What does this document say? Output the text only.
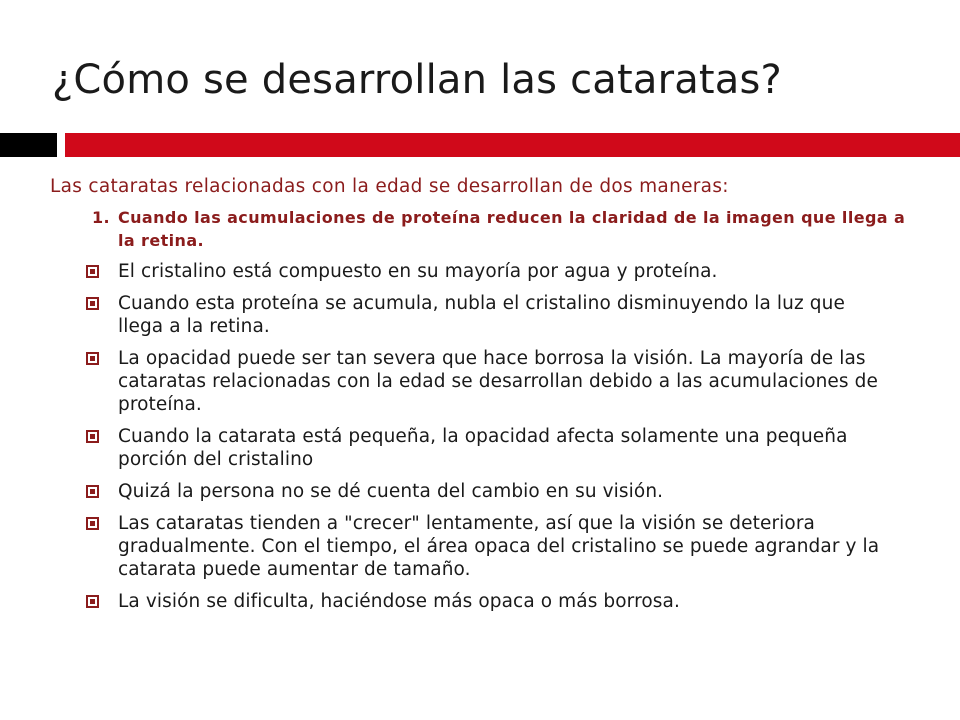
¿Cómo se desarrollan las cataratas?

Las cataratas relacionadas con la edad se desarrollan de dos maneras:

1. Cuando las acumulaciones de proteína reducen la claridad de la imagen que llega a la retina.
El cristalino está compuesto en su mayoría por agua y proteína.
Cuando esta proteína se acumula, nubla el cristalino disminuyendo la luz que llega a la retina.
La opacidad puede ser tan severa que hace borrosa la visión. La mayoría de las cataratas relacionadas con la edad se desarrollan debido a las acumulaciones de proteína.
Cuando la catarata está pequeña, la opacidad afecta solamente una pequeña porción del cristalino
Quizá la persona no se dé cuenta del cambio en su visión.
Las cataratas tienden a "crecer" lentamente, así que la visión se deteriora gradualmente. Con el tiempo, el área opaca del cristalino se puede agrandar y la catarata puede aumentar de tamaño.
La visión se dificulta, haciéndose más opaca o más borrosa.
